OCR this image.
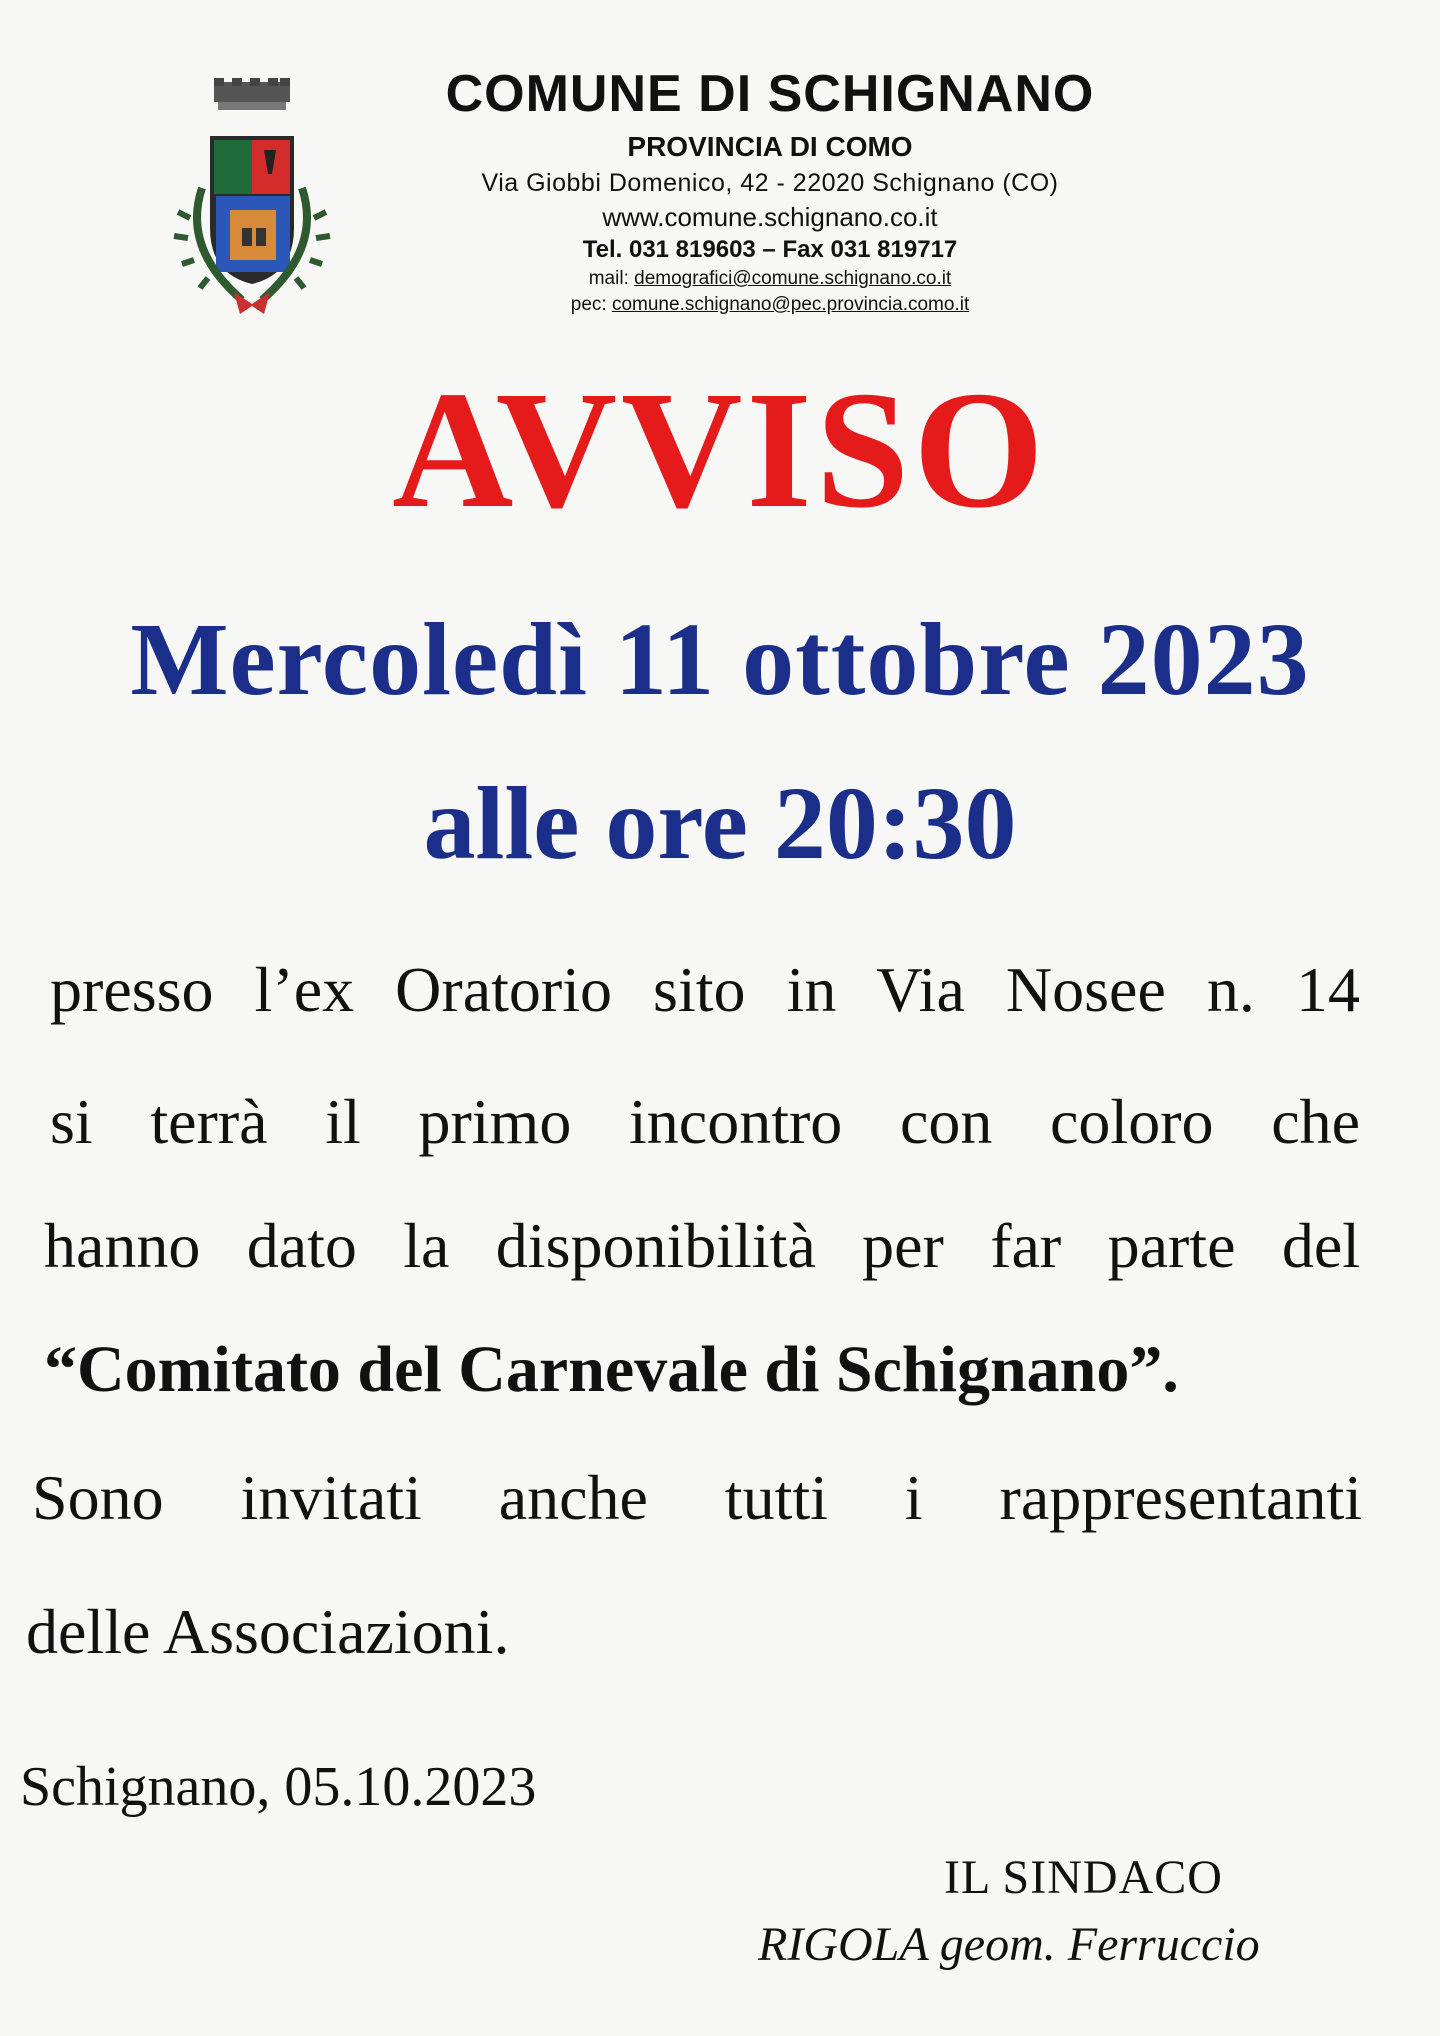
COMUNE DI SCHIGNANO
PROVINCIA DI COMO
Via Giobbi Domenico, 42 - 22020 Schignano (CO)
www.comune.schignano.co.it
Tel. 031 819603 – Fax 031 819717
mail: demografici@comune.schignano.co.it
pec: comune.schignano@pec.provincia.como.it
AVVISO
Mercoledì 11 ottobre 2023
alle ore 20:30
presso l’ex Oratorio sito in Via Nosee n. 14
si terrà il primo incontro con coloro che
hanno dato la disponibilità per far parte del
“Comitato del Carnevale di Schignano”.
Sono invitati anche tutti i rappresentanti
delle Associazioni.
Schignano, 05.10.2023
IL SINDACO
RIGOLA geom. Ferruccio
